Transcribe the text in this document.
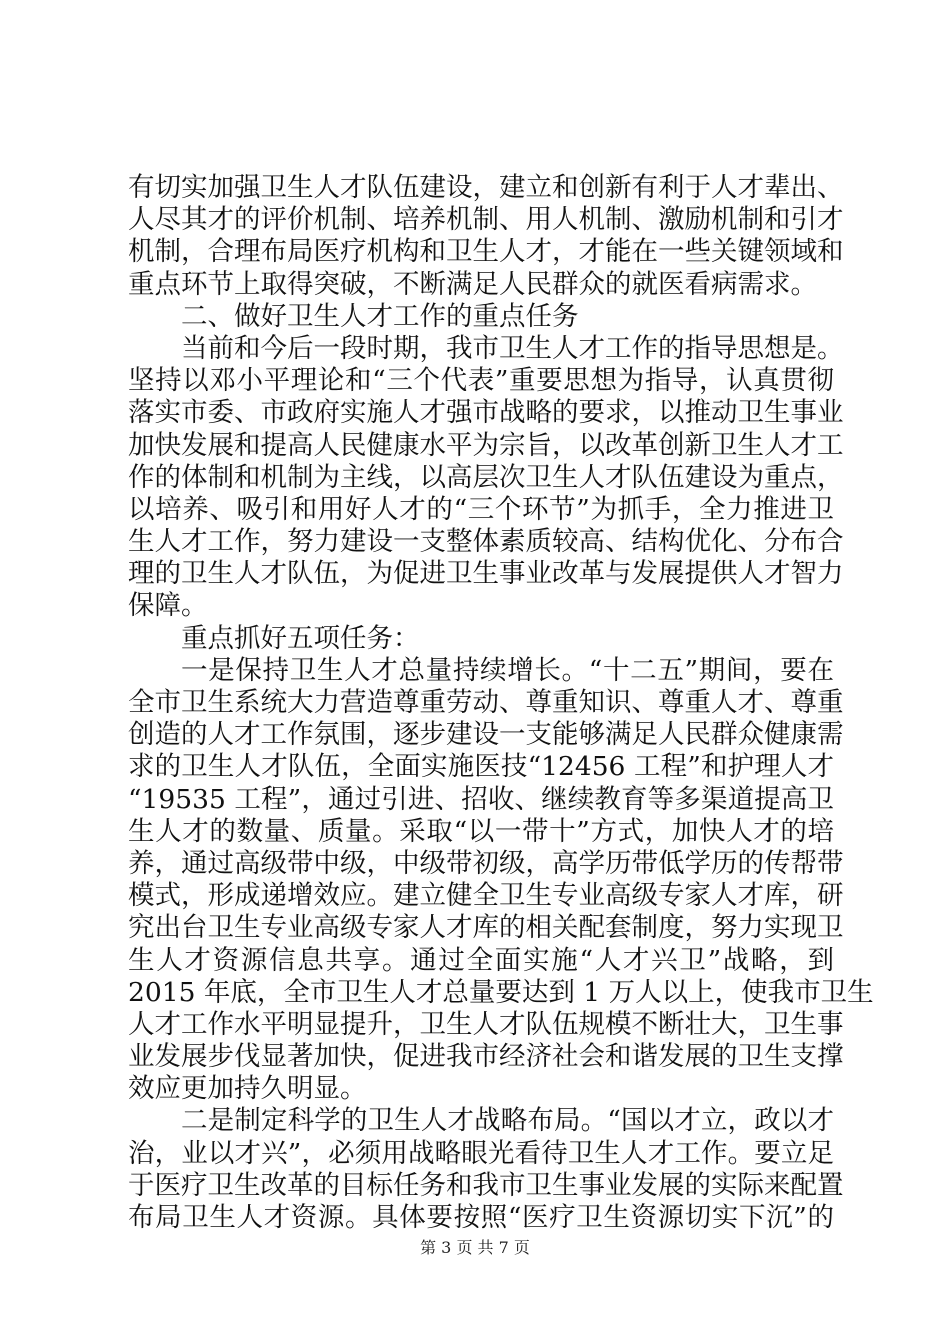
有切实加强卫生人才队伍建设，建立和创新有利于人才辈出、
人尽其才的评价机制、培养机制、用人机制、激励机制和引才
机制，合理布局医疗机构和卫生人才，才能在一些关键领域和
重点环节上取得突破，不断满足人民群众的就医看病需求。
二、做好卫生人才工作的重点任务
当前和今后一段时期，我市卫生人才工作的指导思想是。
坚持以邓小平理论和“三个代表”重要思想为指导，认真贯彻
落实市委、市政府实施人才强市战略的要求，以推动卫生事业
加快发展和提高人民健康水平为宗旨，以改革创新卫生人才工
作的体制和机制为主线，以高层次卫生人才队伍建设为重点，
以培养、吸引和用好人才的“三个环节”为抓手，全力推进卫
生人才工作，努力建设一支整体素质较高、结构优化、分布合
理的卫生人才队伍，为促进卫生事业改革与发展提供人才智力
保障。
重点抓好五项任务：
一是保持卫生人才总量持续增长。“十二五”期间，要在
全市卫生系统大力营造尊重劳动、尊重知识、尊重人才、尊重
创造的人才工作氛围，逐步建设一支能够满足人民群众健康需
求的卫生人才队伍，全面实施医技“12456 工程”和护理人才
“19535 工程”，通过引进、招收、继续教育等多渠道提高卫
生人才的数量、质量。采取“以一带十”方式，加快人才的培
养，通过高级带中级，中级带初级，高学历带低学历的传帮带
模式，形成递增效应。建立健全卫生专业高级专家人才库，研
究出台卫生专业高级专家人才库的相关配套制度，努力实现卫
生人才资源信息共享。通过全面实施“人才兴卫”战略，到
2015 年底，全市卫生人才总量要达到 1 万人以上，使我市卫生
人才工作水平明显提升，卫生人才队伍规模不断壮大，卫生事
业发展步伐显著加快，促进我市经济社会和谐发展的卫生支撑
效应更加持久明显。
二是制定科学的卫生人才战略布局。“国以才立，政以才
治，业以才兴”，必须用战略眼光看待卫生人才工作。要立足
于医疗卫生改革的目标任务和我市卫生事业发展的实际来配置
布局卫生人才资源。具体要按照“医疗卫生资源切实下沉”的
第 3 页 共 7 页
